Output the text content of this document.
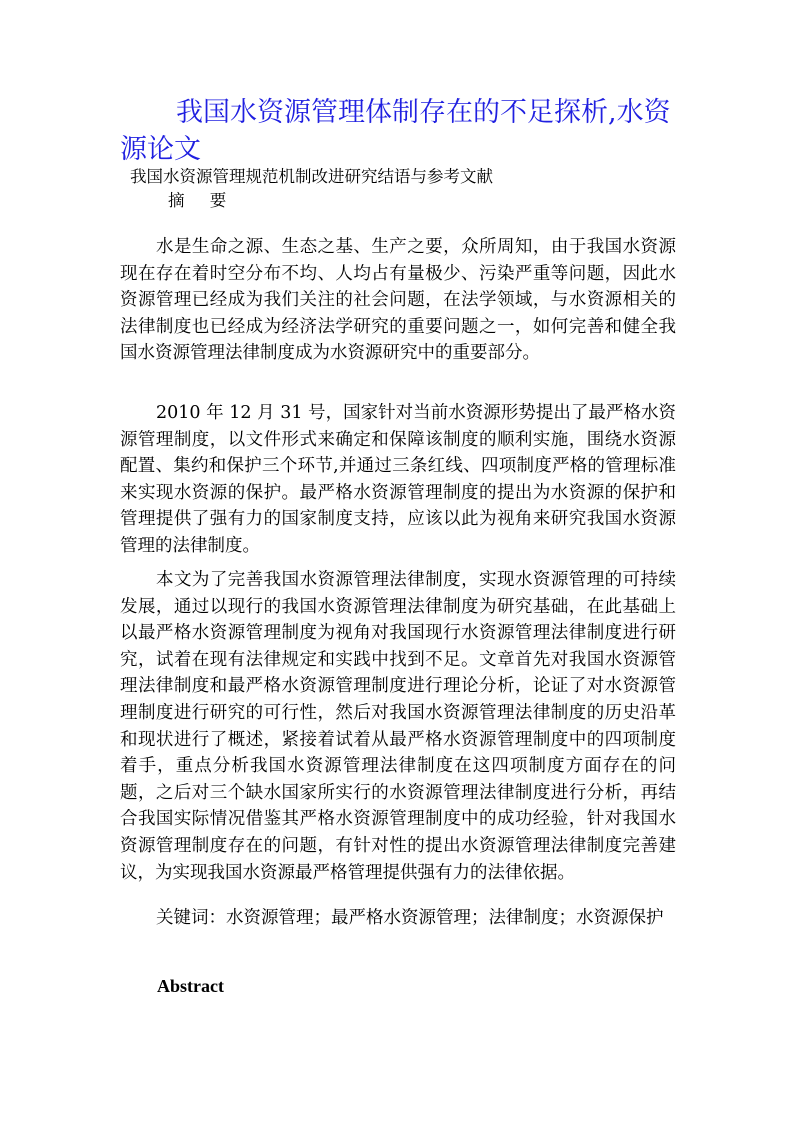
我国水资源管理体制存在的不足探析,水资源论文

我国水资源管理规范机制改进研究结语与参考文献

摘 要

水是生命之源、生态之基、生产之要，众所周知，由于我国水资源现在存在着时空分布不均、人均占有量极少、污染严重等问题，因此水资源管理已经成为我们关注的社会问题，在法学领域，与水资源相关的法律制度也已经成为经济法学研究的重要问题之一，如何完善和健全我国水资源管理法律制度成为水资源研究中的重要部分。

2010 年 12 月 31 号，国家针对当前水资源形势提出了最严格水资源管理制度，以文件形式来确定和保障该制度的顺利实施，围绕水资源配置、集约和保护三个环节,并通过三条红线、四项制度严格的管理标准来实现水资源的保护。最严格水资源管理制度的提出为水资源的保护和管理提供了强有力的国家制度支持，应该以此为视角来研究我国水资源管理的法律制度。

本文为了完善我国水资源管理法律制度，实现水资源管理的可持续发展，通过以现行的我国水资源管理法律制度为研究基础，在此基础上以最严格水资源管理制度为视角对我国现行水资源管理法律制度进行研究，试着在现有法律规定和实践中找到不足。文章首先对我国水资源管理法律制度和最严格水资源管理制度进行理论分析，论证了对水资源管理制度进行研究的可行性，然后对我国水资源管理法律制度的历史沿革和现状进行了概述，紧接着试着从最严格水资源管理制度中的四项制度着手，重点分析我国水资源管理法律制度在这四项制度方面存在的问题，之后对三个缺水国家所实行的水资源管理法律制度进行分析，再结合我国实际情况借鉴其严格水资源管理制度中的成功经验，针对我国水资源管理制度存在的问题，有针对性的提出水资源管理法律制度完善建议，为实现我国水资源最严格管理提供强有力的法律依据。

关键词：水资源管理；最严格水资源管理；法律制度；水资源保护

Abstract
